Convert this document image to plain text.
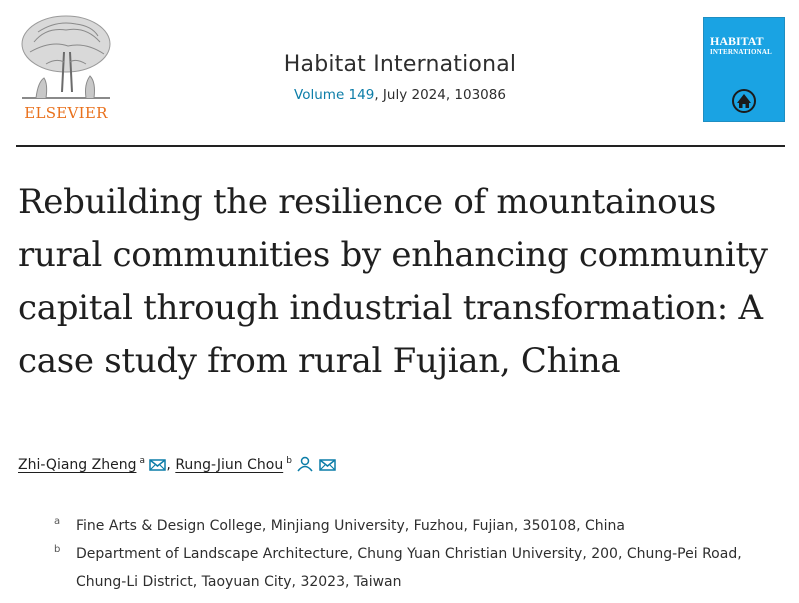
ELSEVIER
Habitat International
Volume 149, July 2024, 103086
HABITAT
INTERNATIONAL
Rebuilding the resilience of mountainous rural communities by enhancing community capital through industrial transformation: A case study from rural Fujian, China
Zhi-Qiang Zheng $^a$ , Rung-Jiun Chou $^b$
a Fine Arts & Design College, Minjiang University, Fuzhou, Fujian, 350108, China
b Department of Landscape Architecture, Chung Yuan Christian University, 200, Chung-Pei Road, Chung-Li District, Taoyuan City, 32023, Taiwan
